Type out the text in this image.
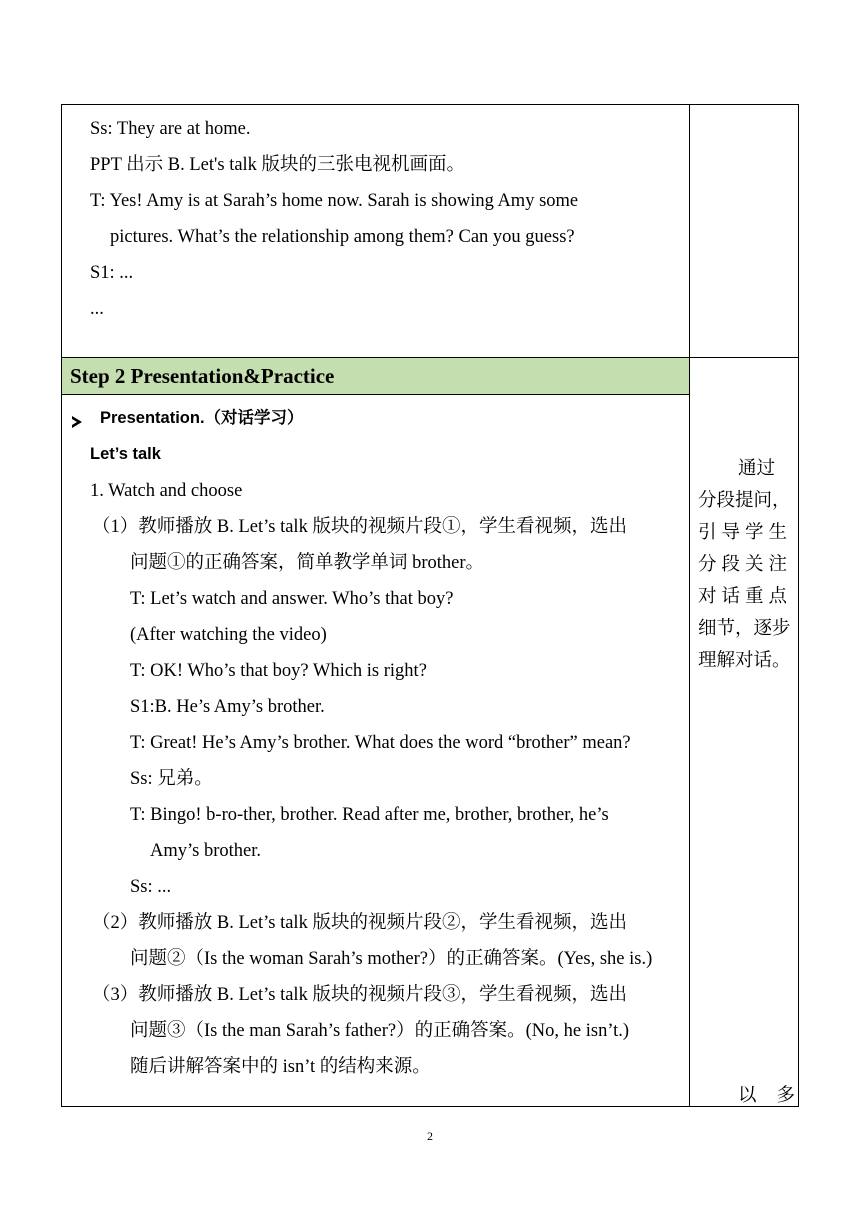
Ss: They are at home.
PPT 出示 B. Let's talk 版块的三张电视机画面。
T: Yes! Amy is at Sarah’s home now. Sarah is showing Amy some
pictures. What’s the relationship among them? Can you guess?
S1: ...
...
Step 2 Presentation&Practice
Presentation.（对话学习）
Let’s talk
1. Watch and choose
（1）教师播放 B. Let’s talk 版块的视频片段①，学生看视频，选出
问题①的正确答案，简单教学单词 brother。
T: Let’s watch and answer. Who’s that boy?
(After watching the video)
T: OK! Who’s that boy? Which is right?
S1:B. He’s Amy’s brother.
T: Great! He’s Amy’s brother. What does the word “brother” mean?
Ss: 兄弟。
T: Bingo! b-ro-ther, brother. Read after me, brother, brother, he’s
Amy’s brother.
Ss: ...
（2）教师播放 B. Let’s talk 版块的视频片段②，学生看视频，选出
问题②（Is the woman Sarah’s mother?）的正确答案。(Yes, she is.)
（3）教师播放 B. Let’s talk 版块的视频片段③，学生看视频，选出
问题③（Is the man Sarah’s father?）的正确答案。(No, he isn’t.)
随后讲解答案中的 isn’t 的结构来源。
通过
分段提问，
引导学生
分段关注
对话重点
细节，逐步
理解对话。
以多
2
